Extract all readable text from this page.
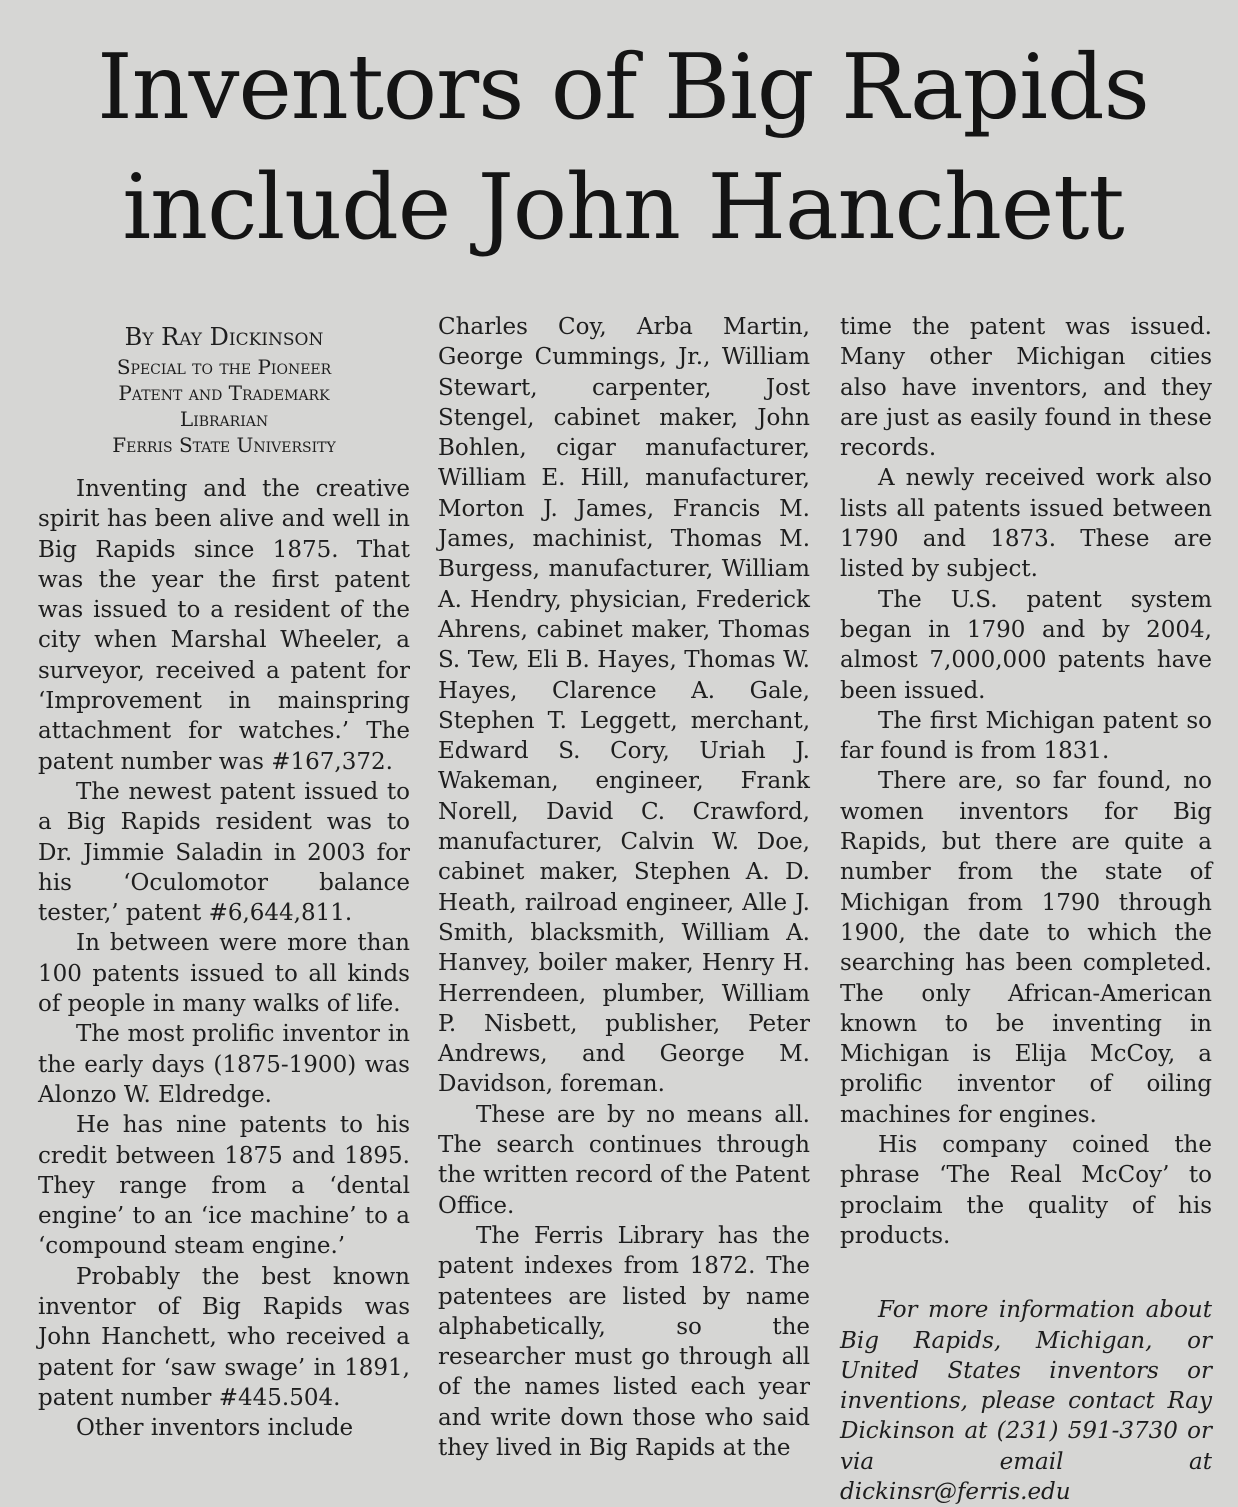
Inventors of Big Rapids include John Hanchett
By Ray Dickinson
Special to the Pioneer
Patent and Trademark
Librarian
Ferris State University

Inventing and the creative spirit has been alive and well in Big Rapids since 1875. That was the year the first patent was issued to a resident of the city when Marshal Wheeler, a surveyor, received a patent for ‘Improvement in mainspring attachment for watches.’ The patent number was #167,372.

The newest patent issued to a Big Rapids resident was to Dr. Jimmie Saladin in 2003 for his ‘Oculomotor balance tester,’ patent #6,644,811.

In between were more than 100 patents issued to all kinds of people in many walks of life.

The most prolific inventor in the early days (1875-1900) was Alonzo W. Eldredge.

He has nine patents to his credit between 1875 and 1895. They range from a ‘dental engine’ to an ‘ice machine’ to a ‘compound steam engine.’

Probably the best known inventor of Big Rapids was John Hanchett, who received a patent for ‘saw swage’ in 1891, patent number #445.504.

Other inventors include

Charles Coy, Arba Martin, George Cummings, Jr., William Stewart, carpenter, Jost Stengel, cabinet maker, John Bohlen, cigar manufacturer, William E. Hill, manufacturer, Morton J. James, Francis M. James, machinist, Thomas M. Burgess, manufacturer, William A. Hendry, physician, Frederick Ahrens, cabinet maker, Thomas S. Tew, Eli B. Hayes, Thomas W. Hayes, Clarence A. Gale, Stephen T. Leggett, merchant, Edward S. Cory, Uriah J. Wakeman, engineer, Frank Norell, David C. Crawford, manufacturer, Calvin W. Doe, cabinet maker, Stephen A. D. Heath, railroad engineer, Alle J. Smith, blacksmith, William A. Hanvey, boiler maker, Henry H. Herrendeen, plumber, William P. Nisbett, publisher, Peter Andrews, and George M. Davidson, foreman.

These are by no means all. The search continues through the written record of the Patent Office.

The Ferris Library has the patent indexes from 1872. The patentees are listed by name alphabetically, so the researcher must go through all of the names listed each year and write down those who said they lived in Big Rapids at the

time the patent was issued. Many other Michigan cities also have inventors, and they are just as easily found in these records.

A newly received work also lists all patents issued between 1790 and 1873. These are listed by subject.

The U.S. patent system began in 1790 and by 2004, almost 7,000,000 patents have been issued.

The first Michigan patent so far found is from 1831.

There are, so far found, no women inventors for Big Rapids, but there are quite a number from the state of Michigan from 1790 through 1900, the date to which the searching has been completed. The only African-American known to be inventing in Michigan is Elija McCoy, a prolific inventor of oiling machines for engines.

His company coined the phrase ‘The Real McCoy’ to proclaim the quality of his products.

For more information about Big Rapids, Michigan, or United States inventors or inventions, please contact Ray Dickinson at (231) 591-3730 or via email at dickinsr@ferris.edu
